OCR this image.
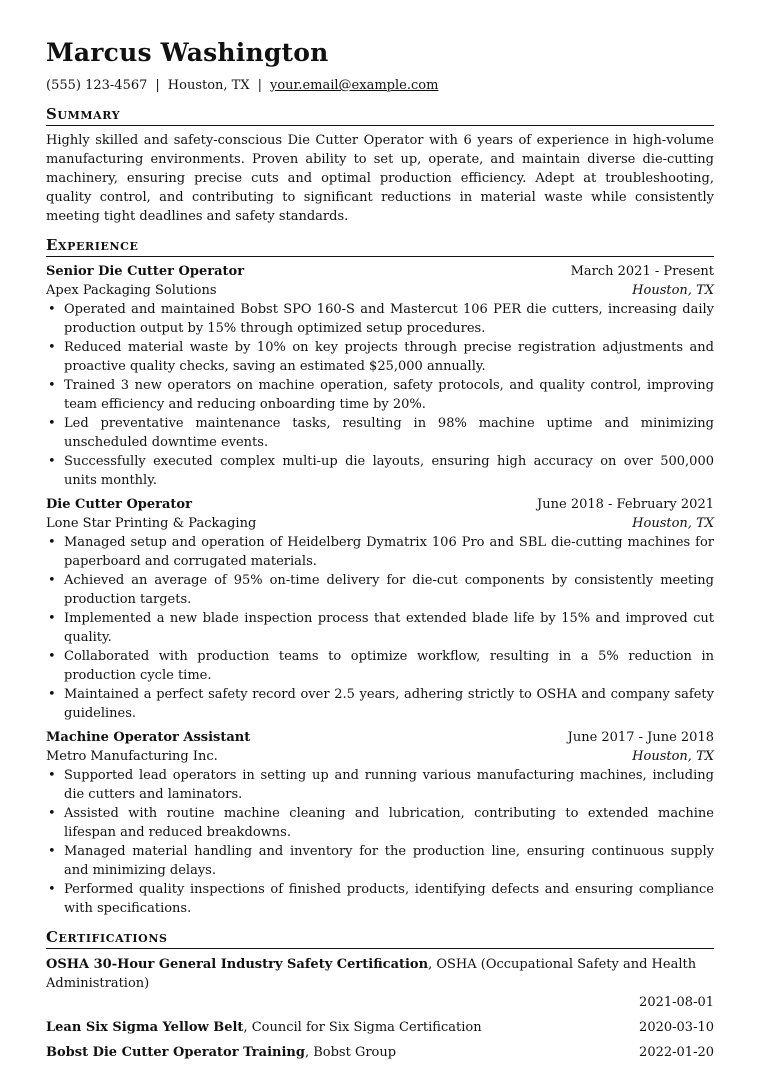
Marcus Washington
(555) 123-4567 | Houston, TX | your.email@example.com
Summary
Highly skilled and safety-conscious Die Cutter Operator with 6 years of experience in high-volume manufacturing environments. Proven ability to set up, operate, and maintain diverse die-cutting machinery, ensuring precise cuts and optimal production efficiency. Adept at troubleshooting, quality control, and contributing to significant reductions in material waste while consistently meeting tight deadlines and safety standards.
Experience
Senior Die Cutter Operator	March 2021 - Present
Apex Packaging Solutions	Houston, TX
• Operated and maintained Bobst SPO 160-S and Mastercut 106 PER die cutters, increasing daily production output by 15% through optimized setup procedures.
• Reduced material waste by 10% on key projects through precise registration adjustments and proactive quality checks, saving an estimated $25,000 annually.
• Trained 3 new operators on machine operation, safety protocols, and quality control, improving team efficiency and reducing onboarding time by 20%.
• Led preventative maintenance tasks, resulting in 98% machine uptime and minimizing unscheduled downtime events.
• Successfully executed complex multi-up die layouts, ensuring high accuracy on over 500,000 units monthly.
Die Cutter Operator	June 2018 - February 2021
Lone Star Printing & Packaging	Houston, TX
• Managed setup and operation of Heidelberg Dymatrix 106 Pro and SBL die-cutting machines for paperboard and corrugated materials.
• Achieved an average of 95% on-time delivery for die-cut components by consistently meeting production targets.
• Implemented a new blade inspection process that extended blade life by 15% and improved cut quality.
• Collaborated with production teams to optimize workflow, resulting in a 5% reduction in production cycle time.
• Maintained a perfect safety record over 2.5 years, adhering strictly to OSHA and company safety guidelines.
Machine Operator Assistant	June 2017 - June 2018
Metro Manufacturing Inc.	Houston, TX
• Supported lead operators in setting up and running various manufacturing machines, including die cutters and laminators.
• Assisted with routine machine cleaning and lubrication, contributing to extended machine lifespan and reduced breakdowns.
• Managed material handling and inventory for the production line, ensuring continuous supply and minimizing delays.
• Performed quality inspections of finished products, identifying defects and ensuring compliance with specifications.
Certifications
OSHA 30-Hour General Industry Safety Certification, OSHA (Occupational Safety and Health Administration)
2021-08-01
Lean Six Sigma Yellow Belt, Council for Six Sigma Certification	2020-03-10
Bobst Die Cutter Operator Training, Bobst Group	2022-01-20
